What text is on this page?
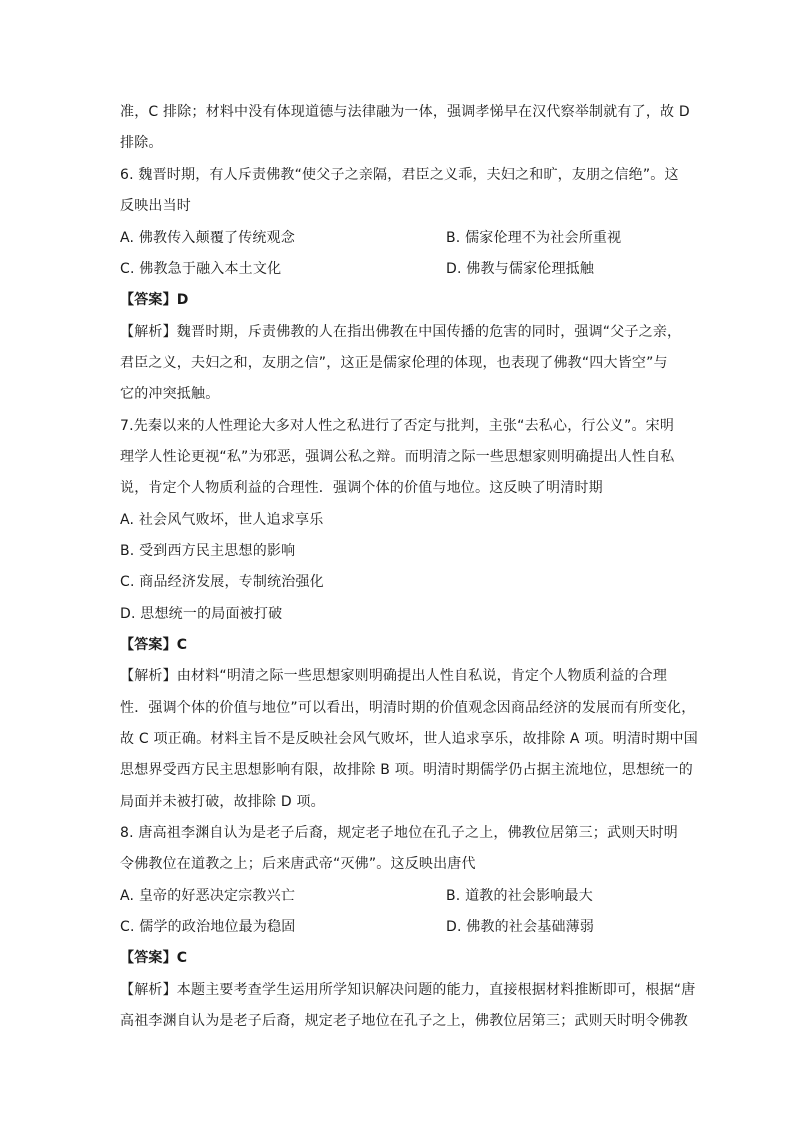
准，C 排除；材料中没有体现道德与法律融为一体，强调孝悌早在汉代察举制就有了，故 D
排除。
6. 魏晋时期，有人斥责佛教“使父子之亲隔，君臣之义乖，夫妇之和旷，友朋之信绝”。这
反映出当时
A. 佛教传入颠覆了传统观念	B. 儒家伦理不为社会所重视
C. 佛教急于融入本土文化	D. 佛教与儒家伦理抵触
【答案】D
【解析】魏晋时期，斥责佛教的人在指出佛教在中国传播的危害的同时，强调“父子之亲，
君臣之义，夫妇之和，友朋之信”，这正是儒家伦理的体现，也表现了佛教“四大皆空”与
它的冲突抵触。
7.先秦以来的人性理论大多对人性之私进行了否定与批判，主张“去私心，行公义”。宋明
理学人性论更视“私”为邪恶，强调公私之辩。而明清之际一些思想家则明确提出人性自私
说，肯定个人物质利益的合理性．强调个体的价值与地位。这反映了明清时期
A. 社会风气败坏，世人追求享乐
B. 受到西方民主思想的影响
C. 商品经济发展，专制统治强化
D. 思想统一的局面被打破
【答案】C
【解析】由材料“明清之际一些思想家则明确提出人性自私说，肯定个人物质利益的合理
性．强调个体的价值与地位”可以看出，明清时期的价值观念因商品经济的发展而有所变化，
故 C 项正确。材料主旨不是反映社会风气败坏，世人追求享乐，故排除 A 项。明清时期中国
思想界受西方民主思想影响有限，故排除 B 项。明清时期儒学仍占据主流地位，思想统一的
局面并未被打破，故排除 D 项。
8. 唐高祖李渊自认为是老子后裔，规定老子地位在孔子之上，佛教位居第三；武则天时明
令佛教位在道教之上；后来唐武帝“灭佛”。这反映出唐代
A. 皇帝的好恶决定宗教兴亡	B. 道教的社会影响最大
C. 儒学的政治地位最为稳固	D. 佛教的社会基础薄弱
【答案】C
【解析】本题主要考查学生运用所学知识解决问题的能力，直接根据材料推断即可，根据“唐
高祖李渊自认为是老子后裔，规定老子地位在孔子之上，佛教位居第三；武则天时明令佛教
